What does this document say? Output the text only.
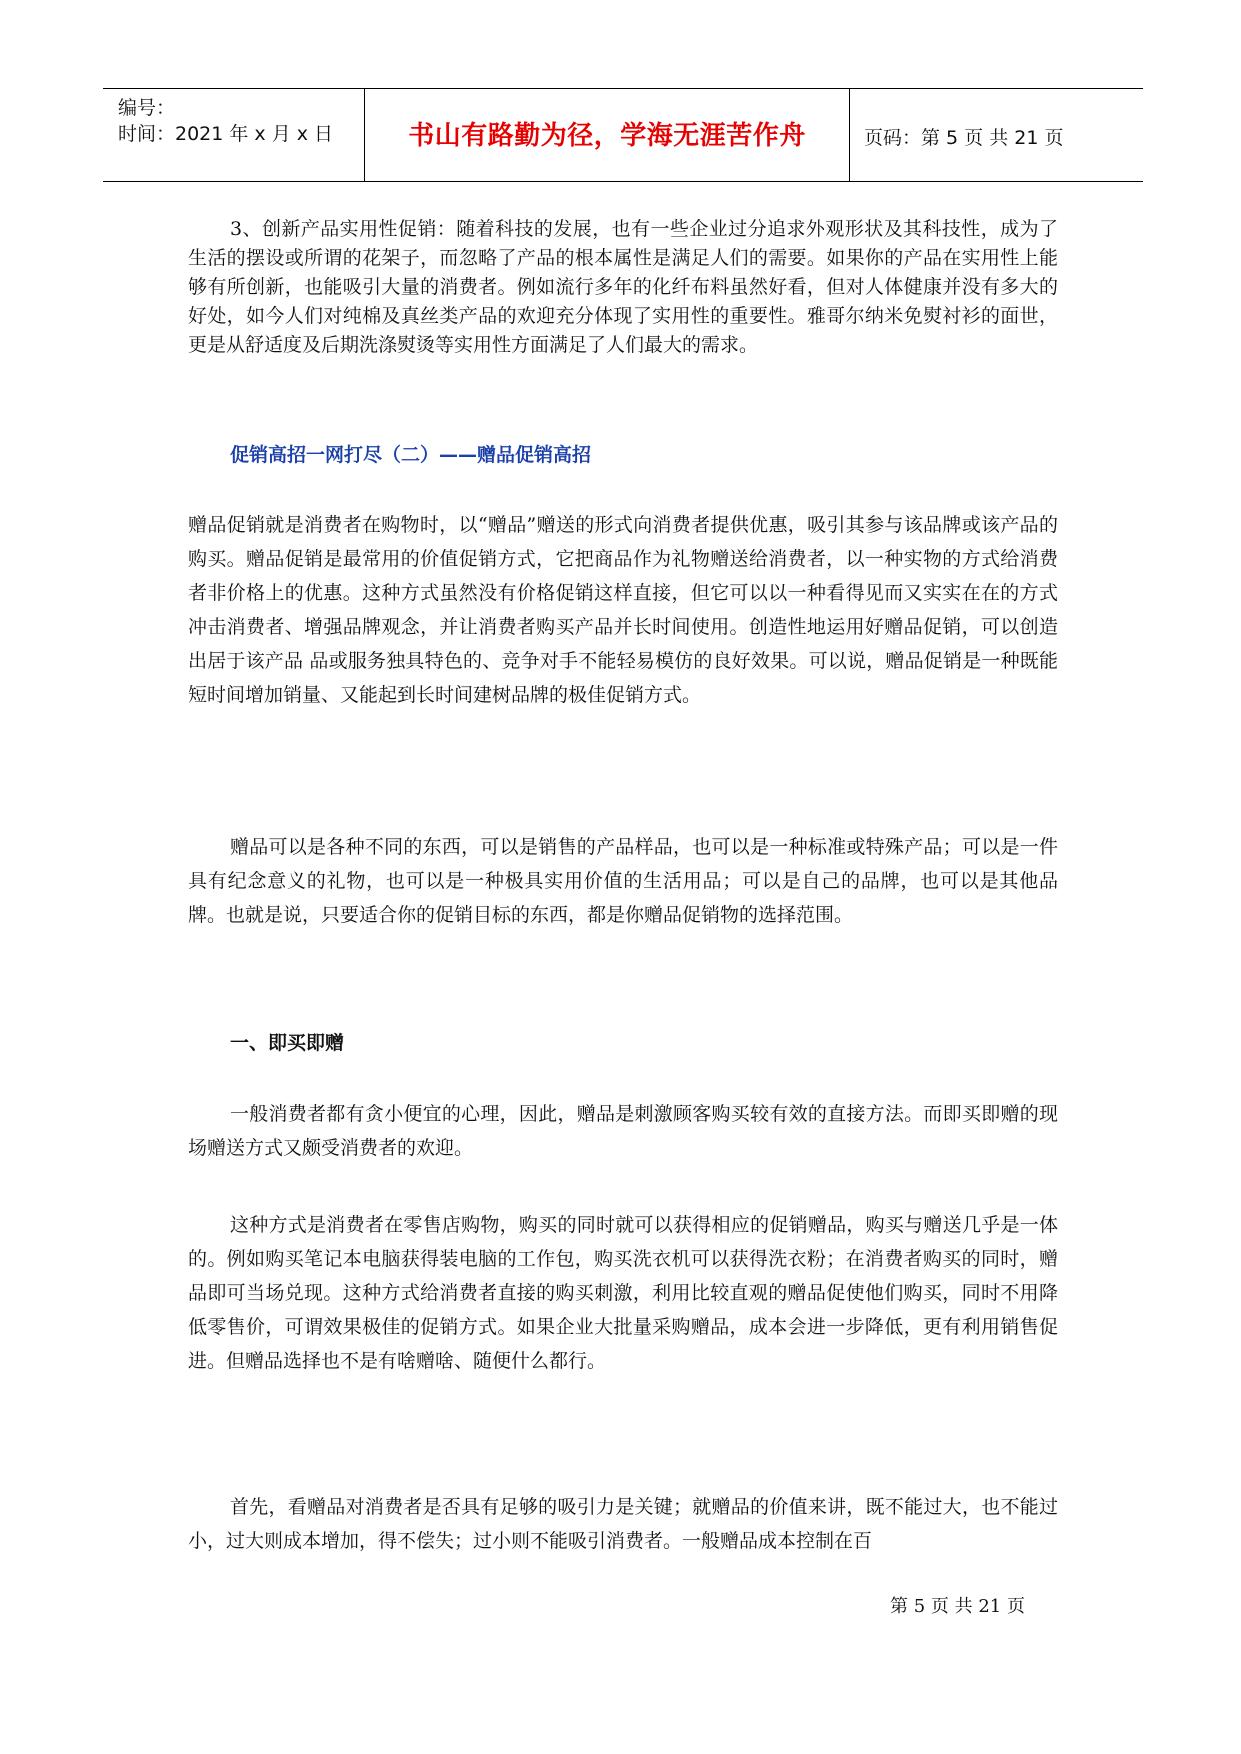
编号：
时间：2021 年 x 月 x 日	书山有路勤为径，学海无涯苦作舟	页码：第 5 页 共 21 页
3、创新产品实用性促销：随着科技的发展，也有一些企业过分追求外观形状及其科技性，成为了生活的摆设或所谓的花架子，而忽略了产品的根本属性是满足人们的需要。如果你的产品在实用性上能够有所创新，也能吸引大量的消费者。例如流行多年的化纤布料虽然好看，但对人体健康并没有多大的好处，如今人们对纯棉及真丝类产品的欢迎充分体现了实用性的重要性。雅哥尔纳米免熨衬衫的面世，更是从舒适度及后期洗涤熨烫等实用性方面满足了人们最大的需求。
促销高招一网打尽（二）——赠品促销高招
赠品促销就是消费者在购物时，以“赠品”赠送的形式向消费者提供优惠，吸引其参与该品牌或该产品的购买。赠品促销是最常用的价值促销方式，它把商品作为礼物赠送给消费者，以一种实物的方式给消费者非价格上的优惠。这种方式虽然没有价格促销这样直接，但它可以以一种看得见而又实实在在的方式冲击消费者、增强品牌观念，并让消费者购买产品并长时间使用。创造性地运用好赠品促销，可以创造出居于该产品 品或服务独具特色的、竞争对手不能轻易模仿的良好效果。可以说，赠品促销是一种既能短时间增加销量、又能起到长时间建树品牌的极佳促销方式。
赠品可以是各种不同的东西，可以是销售的产品样品，也可以是一种标准或特殊产品；可以是一件具有纪念意义的礼物，也可以是一种极具实用价值的生活用品；可以是自己的品牌，也可以是其他品牌。也就是说，只要适合你的促销目标的东西，都是你赠品促销物的选择范围。
一、即买即赠
一般消费者都有贪小便宜的心理，因此，赠品是刺激顾客购买较有效的直接方法。而即买即赠的现场赠送方式又颇受消费者的欢迎。
这种方式是消费者在零售店购物，购买的同时就可以获得相应的促销赠品，购买与赠送几乎是一体的。例如购买笔记本电脑获得装电脑的工作包，购买洗衣机可以获得洗衣粉；在消费者购买的同时，赠品即可当场兑现。这种方式给消费者直接的购买刺激，利用比较直观的赠品促使他们购买，同时不用降低零售价，可谓效果极佳的促销方式。如果企业大批量采购赠品，成本会进一步降低，更有利用销售促进。但赠品选择也不是有啥赠啥、随便什么都行。
首先，看赠品对消费者是否具有足够的吸引力是关键；就赠品的价值来讲，既不能过大，也不能过小，过大则成本增加，得不偿失；过小则不能吸引消费者。一般赠品成本控制在百
第 5 页 共 21 页
